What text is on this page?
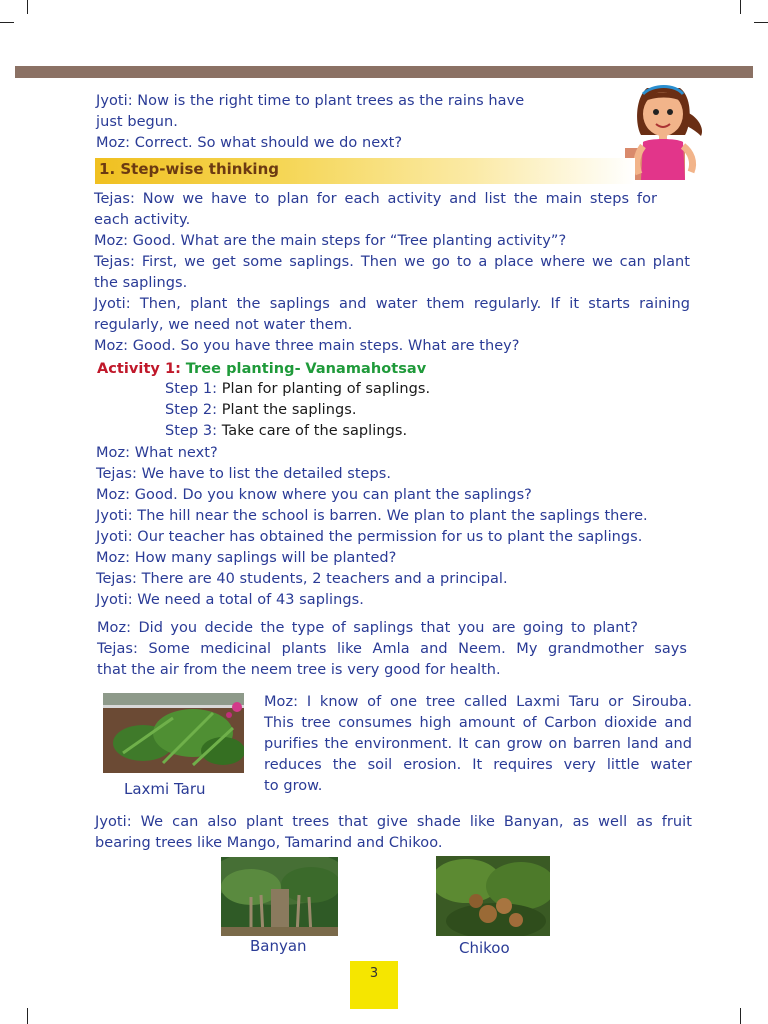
Jyoti: Now is the right time to plant trees as the rains have
just begun.
Moz: Correct. So what should we do next?
1. Step-wise thinking
Tejas: Now we have to plan for each activity and list the main steps for
each activity.
Moz: Good. What are the main steps for “Tree planting activity”?
Tejas: First, we get some saplings. Then we go to a place where we can plant
the saplings.
Jyoti: Then, plant the saplings and water them regularly. If it starts raining
regularly, we need not water them.
Moz: Good. So you have three main steps. What are they?
Activity 1: Tree planting- Vanamahotsav
Step 1: Plan for planting of saplings.
Step 2: Plant the saplings.
Step 3: Take care of the saplings.
Moz: What next?
Tejas: We have to list the detailed steps.
Moz: Good. Do you know where you can plant the saplings?
Jyoti: The hill near the school is barren. We plan to plant the saplings there.
Jyoti: Our teacher has obtained the permission for us to plant the saplings.
Moz: How many saplings will be planted?
Tejas: There are 40 students, 2 teachers and a principal.
Jyoti: We need a total of 43 saplings.
Moz: Did you decide the type of saplings that you are going to plant?
Tejas: Some medicinal plants like Amla and Neem. My grandmother says
that the air from the neem tree is very good for health.
Laxmi Taru
Moz: I know of one tree called Laxmi Taru or Sirouba.
This tree consumes high amount of Carbon dioxide and
purifies the environment. It can grow on barren land and
reduces the soil erosion. It requires very little water
to grow.
Jyoti: We can also plant trees that give shade like Banyan, as well as fruit
bearing trees like Mango, Tamarind and Chikoo.
Banyan	Chikoo
3
